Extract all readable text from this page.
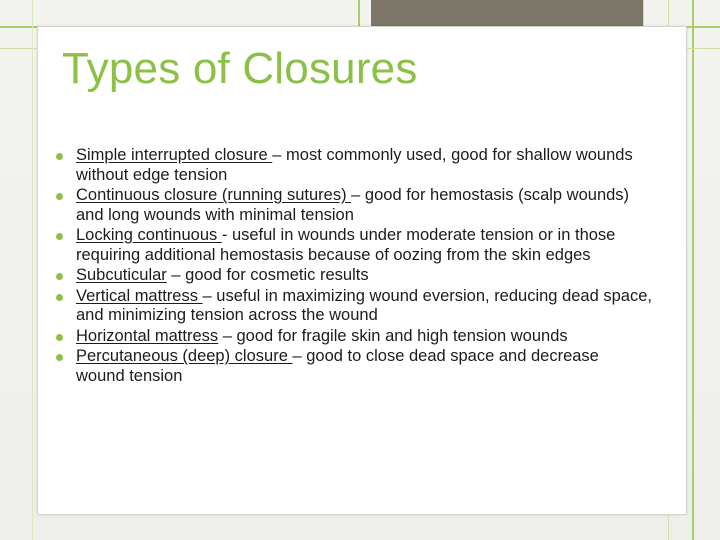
Types of Closures
Simple interrupted closure – most commonly used, good for shallow wounds without edge tension
Continuous closure (running sutures) – good for hemostasis (scalp wounds) and long wounds with minimal tension
Locking continuous - useful in wounds under moderate tension or in those requiring additional hemostasis because of oozing from the skin edges
Subcuticular – good for cosmetic results
Vertical mattress – useful in maximizing wound eversion, reducing dead space, and minimizing tension across the wound
Horizontal mattress – good for fragile skin and high tension wounds
Percutaneous (deep) closure – good to close dead space and decrease wound tension
